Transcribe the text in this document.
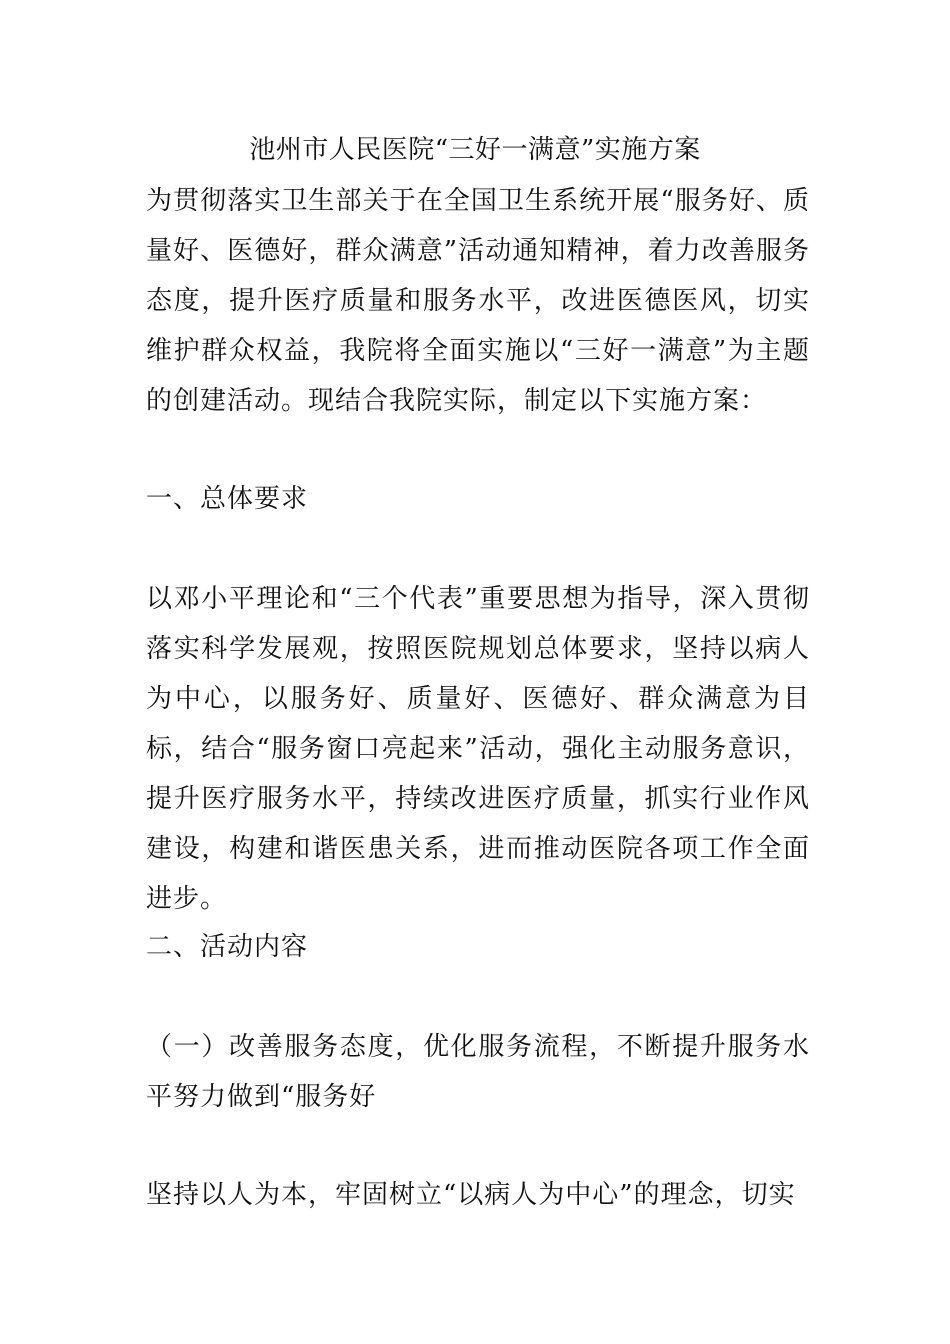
池州市人民医院“三好一满意”实施方案

为贯彻落实卫生部关于在全国卫生系统开展“服务好、质量好、医德好，群众满意”活动通知精神，着力改善服务态度，提升医疗质量和服务水平，改进医德医风，切实维护群众权益，我院将全面实施以“三好一满意”为主题的创建活动。现结合我院实际，制定以下实施方案：

一、总体要求

以邓小平理论和“三个代表”重要思想为指导，深入贯彻落实科学发展观，按照医院规划总体要求，坚持以病人为中心，以服务好、质量好、医德好、群众满意为目标，结合“服务窗口亮起来”活动，强化主动服务意识，提升医疗服务水平，持续改进医疗质量，抓实行业作风建设，构建和谐医患关系，进而推动医院各项工作全面进步。

二、活动内容

（一）改善服务态度，优化服务流程，不断提升服务水平努力做到“服务好

坚持以人为本，牢固树立“以病人为中心”的理念，切实
